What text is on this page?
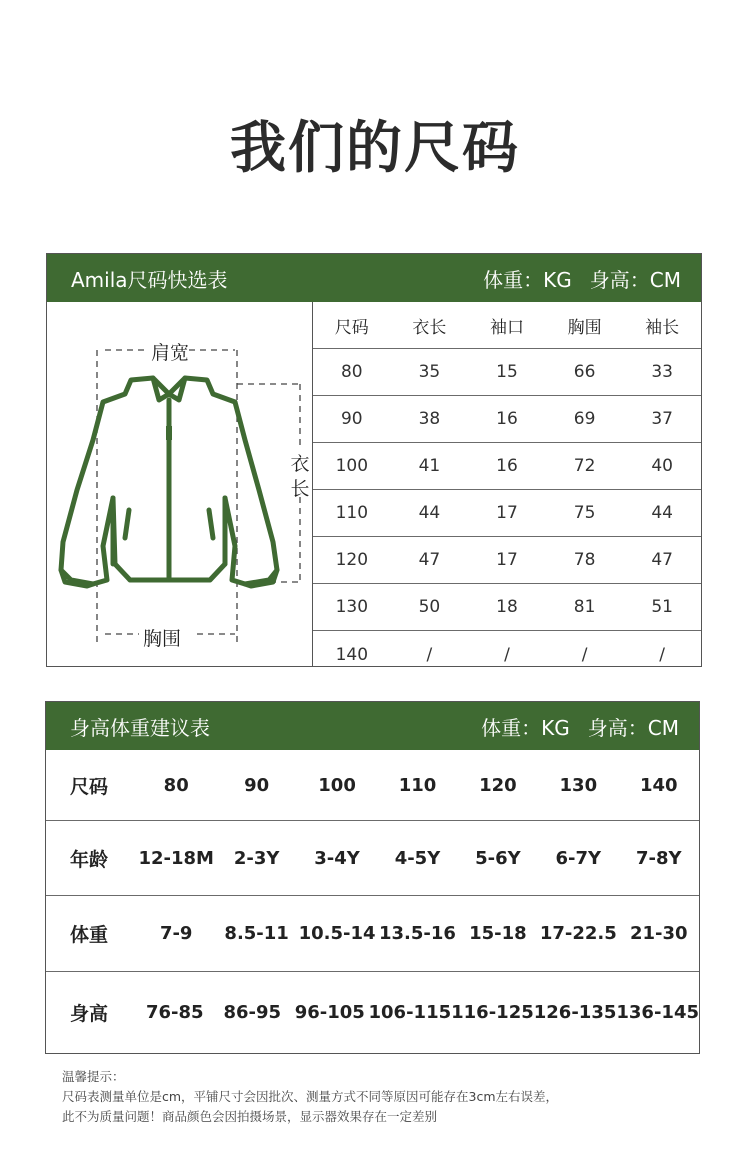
我们的尺码
Amila尺码快选表	体重：KG 身高：CM
肩宽
衣长
胸围
尺码	衣长	袖口	胸围	袖长
80	35	15	66	33
90	38	16	69	37
100	41	16	72	40
110	44	17	75	44
120	47	17	78	47
130	50	18	81	51
140	/	/	/	/
身高体重建议表	体重：KG 身高：CM
尺码	80	90	100	110	120	130	140
年龄	12-18M	2-3Y	3-4Y	4-5Y	5-6Y	6-7Y	7-8Y
体重	7-9	8.5-11 10.5-14 13.5-16 15-18 17-22.5 21-30
身高	76-85	86-95 96-105 106-115 116-125 126-135 136-145
温馨提示：
尺码表测量单位是cm，平铺尺寸会因批次、测量方式不同等原因可能存在3cm左右误差，
此不为质量问题！商品颜色会因拍摄场景，显示器效果存在一定差别
